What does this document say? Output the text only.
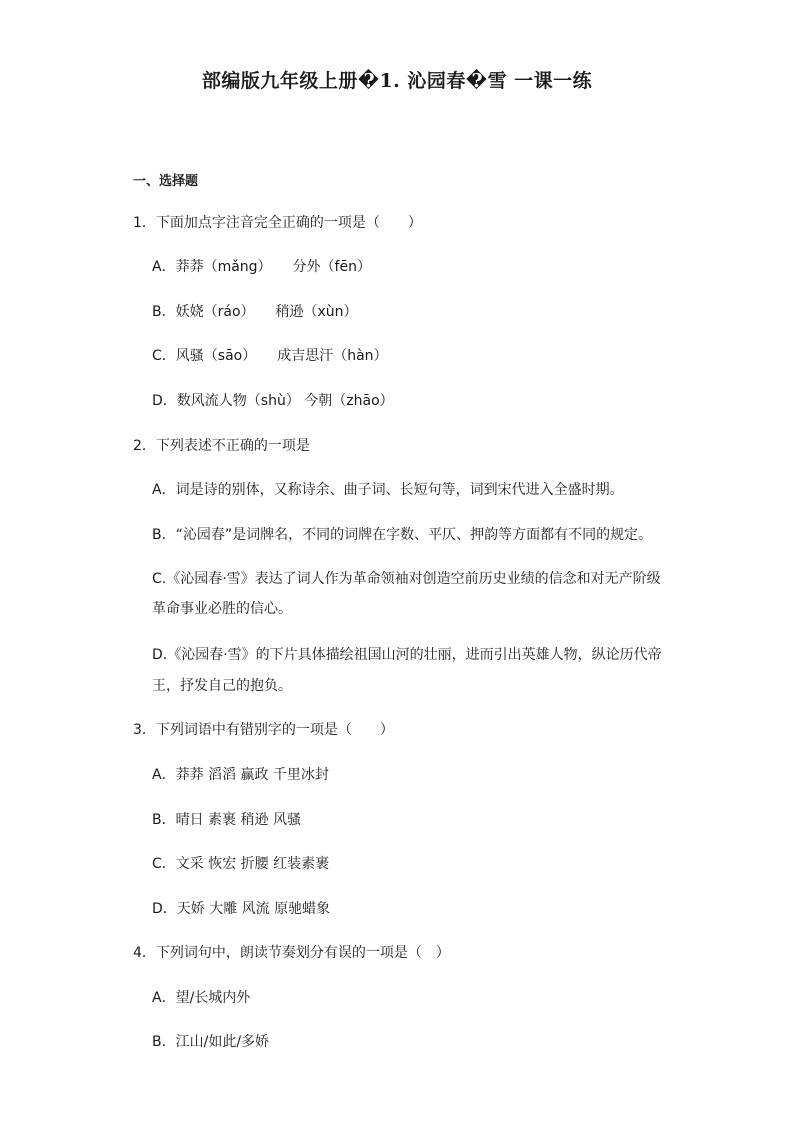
部编版九年级上册�1. 沁园春�雪 一课一练
一、选择题
1．下面加点字注音完全正确的一项是（　　）
A．莽莽（mǎng）　　分外（fēn）
B．妖娆（ráo）　　稍逊（xùn）
C．风骚（sāo）　　成吉思汗（hàn）
D．数风流人物（shù） 今朝（zhāo）
2．下列表述不正确的一项是
A．词是诗的别体，又称诗余、曲子词、长短句等，词到宋代进入全盛时期。
B．“沁园春”是词牌名，不同的词牌在字数、平仄、押韵等方面都有不同的规定。
C.《沁园春·雪》表达了词人作为革命领袖对创造空前历史业绩的信念和对无产阶级
革命事业必胜的信心。
D.《沁园春·雪》的下片具体描绘祖国山河的壮丽，进而引出英雄人物，纵论历代帝
王，抒发自己的抱负。
3．下列词语中有错别字的一项是（　　）
A．莽莽 滔滔 赢政 千里冰封
B．晴日 素裹 稍逊 风骚
C．文采 恢宏 折腰 红装素裹
D．天娇 大雕 风流 原驰蜡象
4．下列词句中，朗读节奏划分有误的一项是（　）
A．望/长城内外
B．江山/如此/多娇
